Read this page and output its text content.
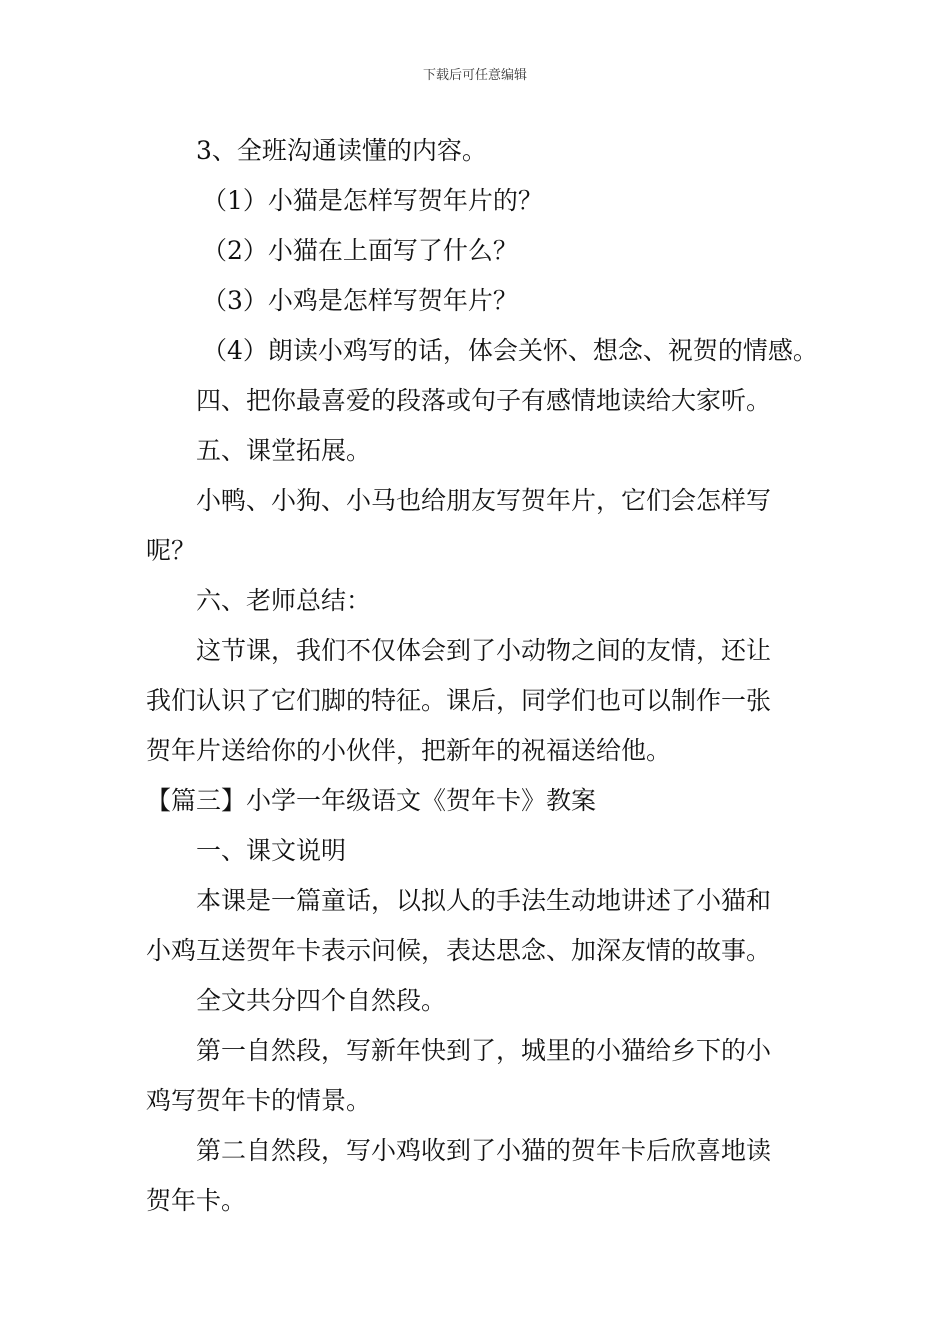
下载后可任意编辑
3、全班沟通读懂的内容。
（1）小猫是怎样写贺年片的？
（2）小猫在上面写了什么？
（3）小鸡是怎样写贺年片？
（4）朗读小鸡写的话，体会关怀、想念、祝贺的情感。
四、把你最喜爱的段落或句子有感情地读给大家听。
五、课堂拓展。
小鸭、小狗、小马也给朋友写贺年片，它们会怎样写
呢？
六、老师总结：
这节课，我们不仅体会到了小动物之间的友情，还让
我们认识了它们脚的特征。课后，同学们也可以制作一张
贺年片送给你的小伙伴，把新年的祝福送给他。
【篇三】小学一年级语文《贺年卡》教案
一、课文说明
本课是一篇童话，以拟人的手法生动地讲述了小猫和
小鸡互送贺年卡表示问候，表达思念、加深友情的故事。
全文共分四个自然段。
第一自然段，写新年快到了，城里的小猫给乡下的小
鸡写贺年卡的情景。
第二自然段，写小鸡收到了小猫的贺年卡后欣喜地读
贺年卡。
